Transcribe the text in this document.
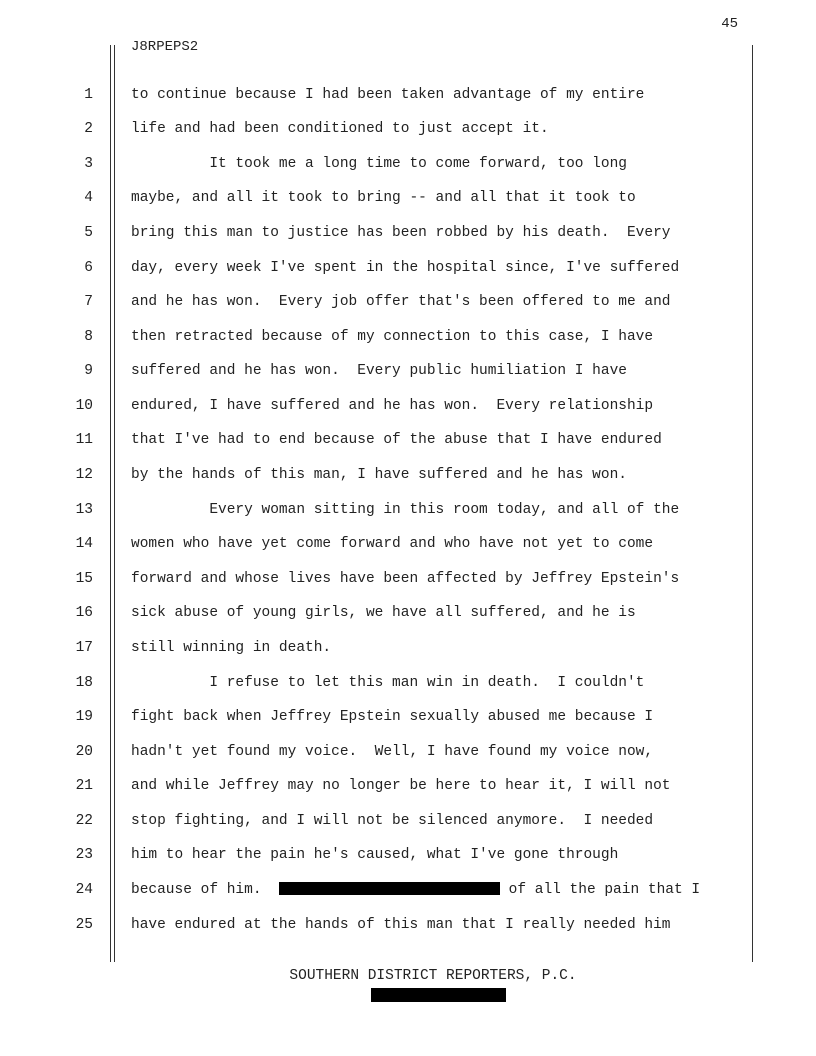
45
J8RPEPS2
1	to continue because I had been taken advantage of my entire
2	life and had been conditioned to just accept it.
3	It took me a long time to come forward, too long
4	maybe, and all it took to bring -- and all that it took to
5	bring this man to justice has been robbed by his death.  Every
6	day, every week I've spent in the hospital since, I've suffered
7	and he has won.  Every job offer that's been offered to me and
8	then retracted because of my connection to this case, I have
9	suffered and he has won.  Every public humiliation I have
10	endured, I have suffered and he has won.  Every relationship
11	that I've had to end because of the abuse that I have endured
12	by the hands of this man, I have suffered and he has won.
13	Every woman sitting in this room today, and all of the
14	women who have yet come forward and who have not yet to come
15	forward and whose lives have been affected by Jeffrey Epstein's
16	sick abuse of young girls, we have all suffered, and he is
17	still winning in death.
18	I refuse to let this man win in death.  I couldn't
19	fight back when Jeffrey Epstein sexually abused me because I
20	hadn't yet found my voice.  Well, I have found my voice now,
21	and while Jeffrey may no longer be here to hear it, I will not
22	stop fighting, and I will not be silenced anymore.  I needed
23	him to hear the pain he's caused, what I've gone through
24	because of him.	of all the pain that I
25	have endured at the hands of this man that I really needed him
SOUTHERN DISTRICT REPORTERS, P.C.
